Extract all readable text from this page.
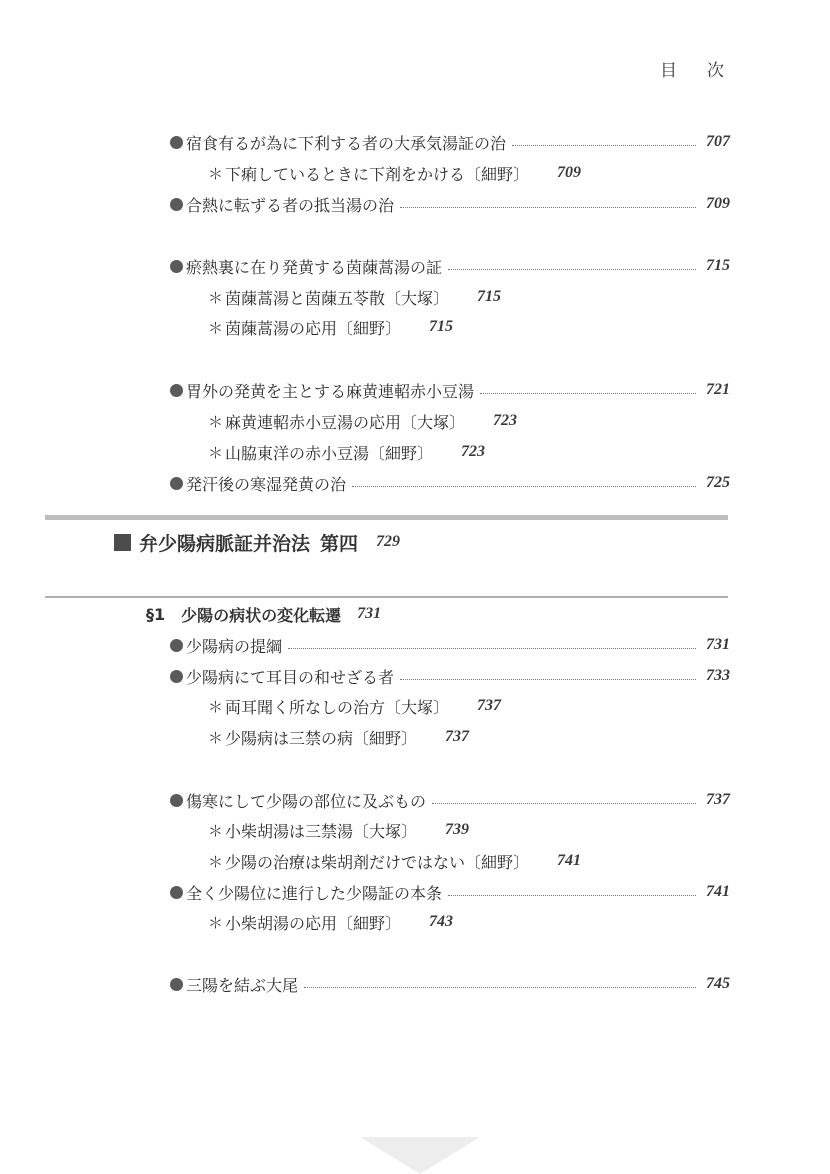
目 次
宿食有るが為に下利する者の大承気湯証の治	707
＊ 下痢しているときに下剤をかける〔細野〕 709
合熱に転ずる者の抵当湯の治	709
瘀熱裏に在り発黄する茵蔯蒿湯の証	715
＊ 茵蔯蒿湯と茵蔯五苓散〔大塚〕 715
＊ 茵蔯蒿湯の応用〔細野〕 715
胃外の発黄を主とする麻黄連軺赤小豆湯	721
＊ 麻黄連軺赤小豆湯の応用〔大塚〕 723
＊ 山脇東洋の赤小豆湯〔細野〕 723
発汗後の寒湿発黄の治	725
弁少陽病脈証并治法 第四 729
§1 少陽の病状の変化転遷 731
少陽病の提綱	731
少陽病にて耳目の和せざる者	733
＊ 両耳聞く所なしの治方〔大塚〕 737
＊ 少陽病は三禁の病〔細野〕 737
傷寒にして少陽の部位に及ぶもの	737
＊ 小柴胡湯は三禁湯〔大塚〕 739
＊ 少陽の治療は柴胡剤だけではない〔細野〕 741
全く少陽位に進行した少陽証の本条	741
＊ 小柴胡湯の応用〔細野〕 743
三陽を結ぶ大尾	745
